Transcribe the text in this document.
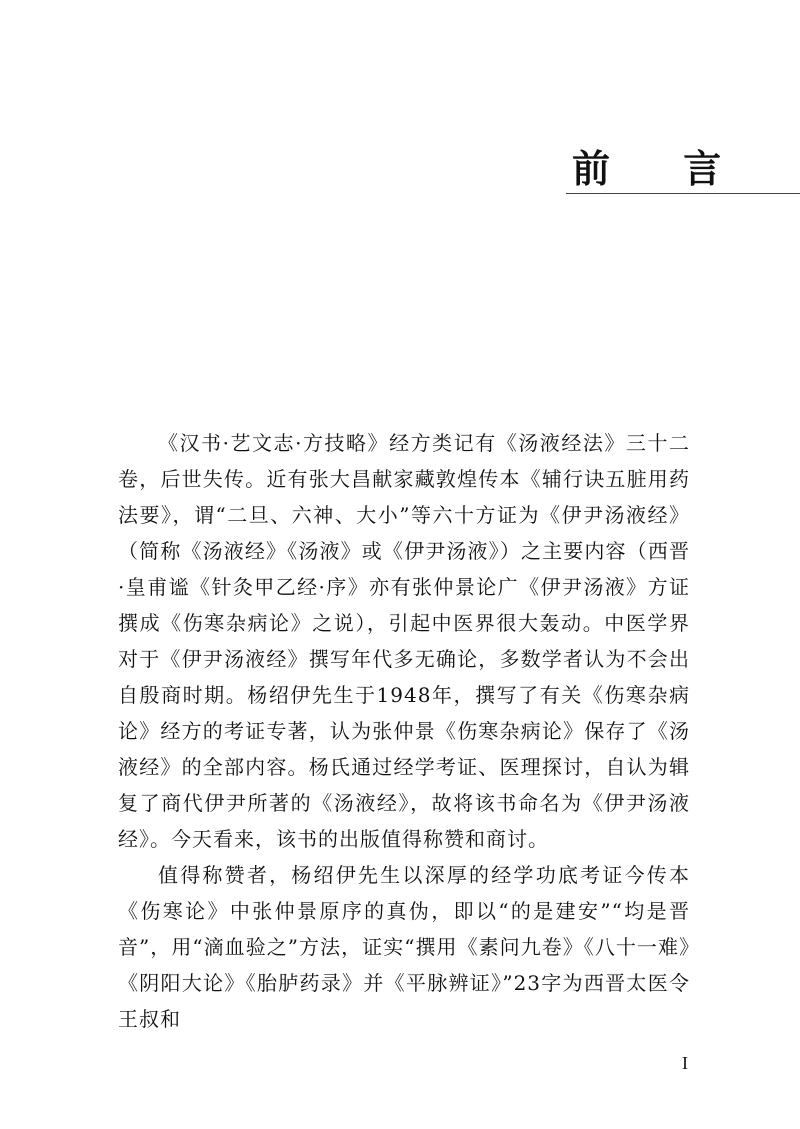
前 言

《汉书·艺文志·方技略》经方类记有《汤液经法》三十二卷，后世失传。近有张大昌献家藏敦煌传本《辅行诀五脏用药法要》，谓“二旦、六神、大小”等六十方证为《伊尹汤液经》（简称《汤液经》《汤液》或《伊尹汤液》）之主要内容（西晋·皇甫谧《针灸甲乙经·序》亦有张仲景论广《伊尹汤液》方证撰成《伤寒杂病论》之说），引起中医界很大轰动。中医学界对于《伊尹汤液经》撰写年代多无确论，多数学者认为不会出自殷商时期。杨绍伊先生于1948年，撰写了有关《伤寒杂病论》经方的考证专著，认为张仲景《伤寒杂病论》保存了《汤液经》的全部内容。杨氏通过经学考证、医理探讨，自认为辑复了商代伊尹所著的《汤液经》，故将该书命名为《伊尹汤液经》。今天看来，该书的出版值得称赞和商讨。

值得称赞者，杨绍伊先生以深厚的经学功底考证今传本《伤寒论》中张仲景原序的真伪，即以“的是建安”“均是晋音”，用“滴血验之”方法，证实“撰用《素问九卷》《八十一难》《阴阳大论》《胎胪药录》并《平脉辨证》”23字为西晋太医令王叔和

I
